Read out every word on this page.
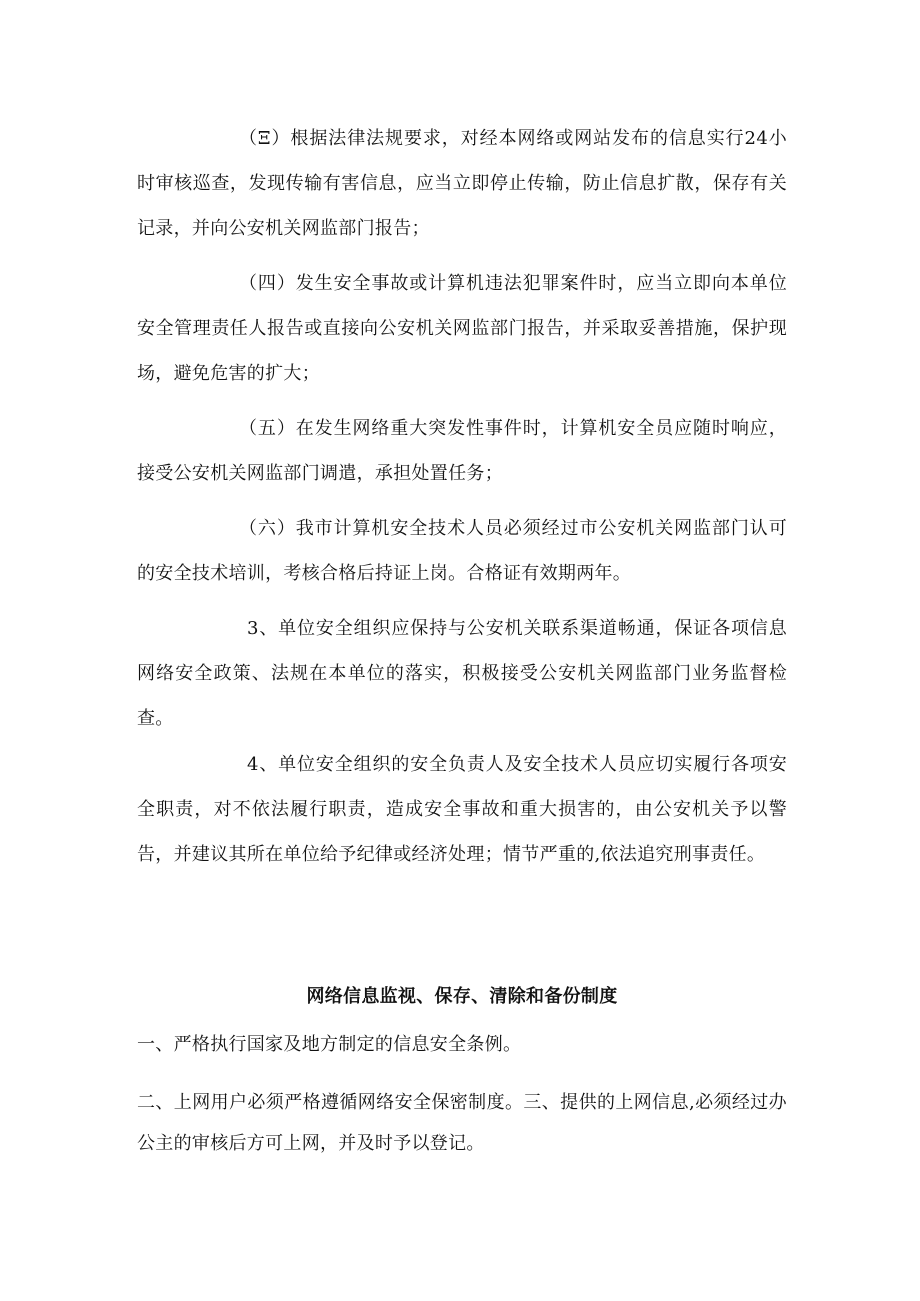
（Ξ）根据法律法规要求，对经本网络或网站发布的信息实行24小时审核巡查，发现传输有害信息，应当立即停止传输，防止信息扩散，保存有关记录，并向公安机关网监部门报告；

（四）发生安全事故或计算机违法犯罪案件时，应当立即向本单位安全管理责任人报告或直接向公安机关网监部门报告，并采取妥善措施，保护现场，避免危害的扩大；

（五）在发生网络重大突发性事件时，计算机安全员应随时响应，接受公安机关网监部门调遣，承担处置任务；

（六）我市计算机安全技术人员必须经过市公安机关网监部门认可的安全技术培训，考核合格后持证上岗。合格证有效期两年。

3、单位安全组织应保持与公安机关联系渠道畅通，保证各项信息网络安全政策、法规在本单位的落实，积极接受公安机关网监部门业务监督检查。

4、单位安全组织的安全负责人及安全技术人员应切实履行各项安全职责，对不依法履行职责，造成安全事故和重大损害的，由公安机关予以警告，并建议其所在单位给予纪律或经济处理；情节严重的,依法追究刑事责任。

网络信息监视、保存、清除和备份制度

一、严格执行国家及地方制定的信息安全条例。

二、上网用户必须严格遵循网络安全保密制度。三、提供的上网信息,必须经过办公主的审核后方可上网，并及时予以登记。
